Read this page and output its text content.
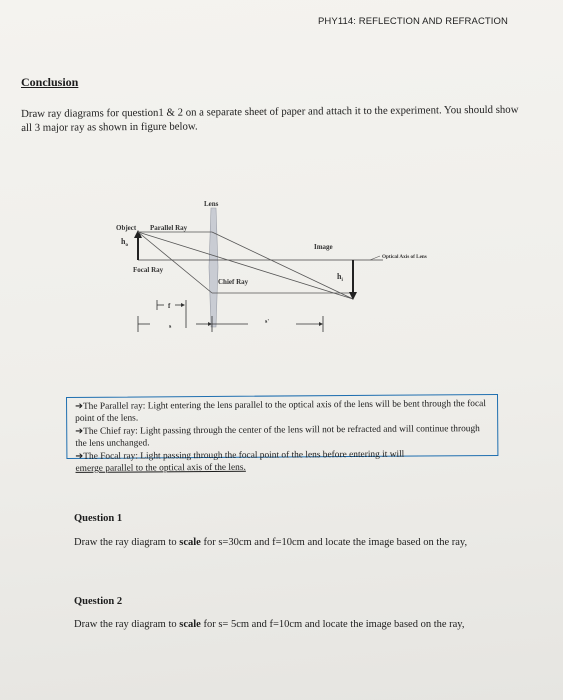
PHY114: REFLECTION AND REFRACTION
Conclusion
Draw ray diagrams for question1 & 2 on a separate sheet of paper and attach it to the experiment. You should show all 3 major ray as shown in figure below.
Lens
Object Parallel Ray
$h_o$	Image
Optical Axis of Lens
Focal Ray
Chief Ray
$h_i$
f
s
s'

➔The Parallel ray: Light entering the lens parallel to the optical axis of the lens will be bent through the focal point of the lens.

➔The Chief ray: Light passing through the center of the lens will not be refracted and will continue through the lens unchanged.

➔The Focal ray: Light passing through the focal point of the lens before entering it will

emerge parallel to the optical axis of the lens.

Question 1
Draw the ray diagram to scale for s=30cm and f=10cm and locate the image based on the ray,
Question 2
Draw the ray diagram to scale for s= 5cm and f=10cm and locate the image based on the ray,
